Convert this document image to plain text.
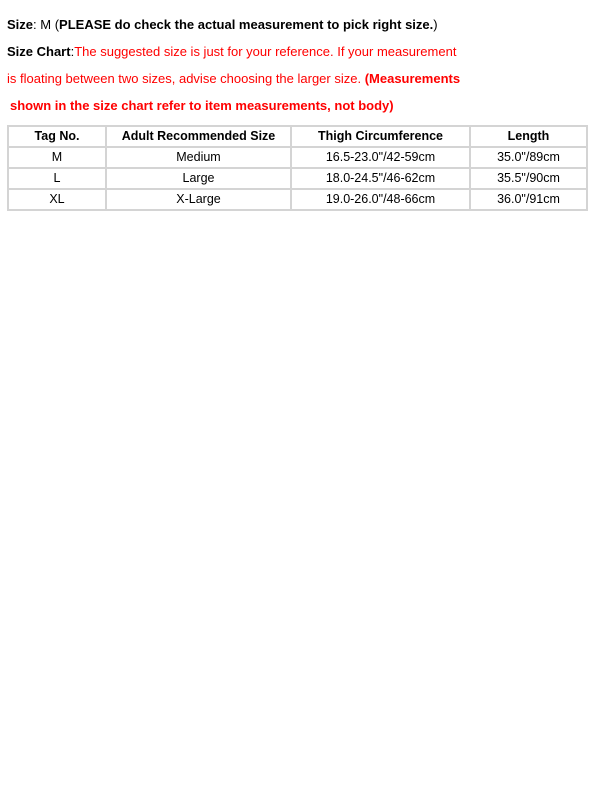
Size: M (PLEASE do check the actual measurement to pick right size.)
Size Chart:The suggested size is just for your reference. If your measurement
is floating between two sizes, advise choosing the larger size. (Measurements
shown in the size chart refer to item measurements, not body)
Tag No.	Adult Recommended Size	Thigh Circumference	Length
M	Medium	16.5-23.0"/42-59cm	35.0"/89cm
L	Large	18.0-24.5"/46-62cm	35.5"/90cm
XL	X-Large	19.0-26.0"/48-66cm	36.0"/91cm
